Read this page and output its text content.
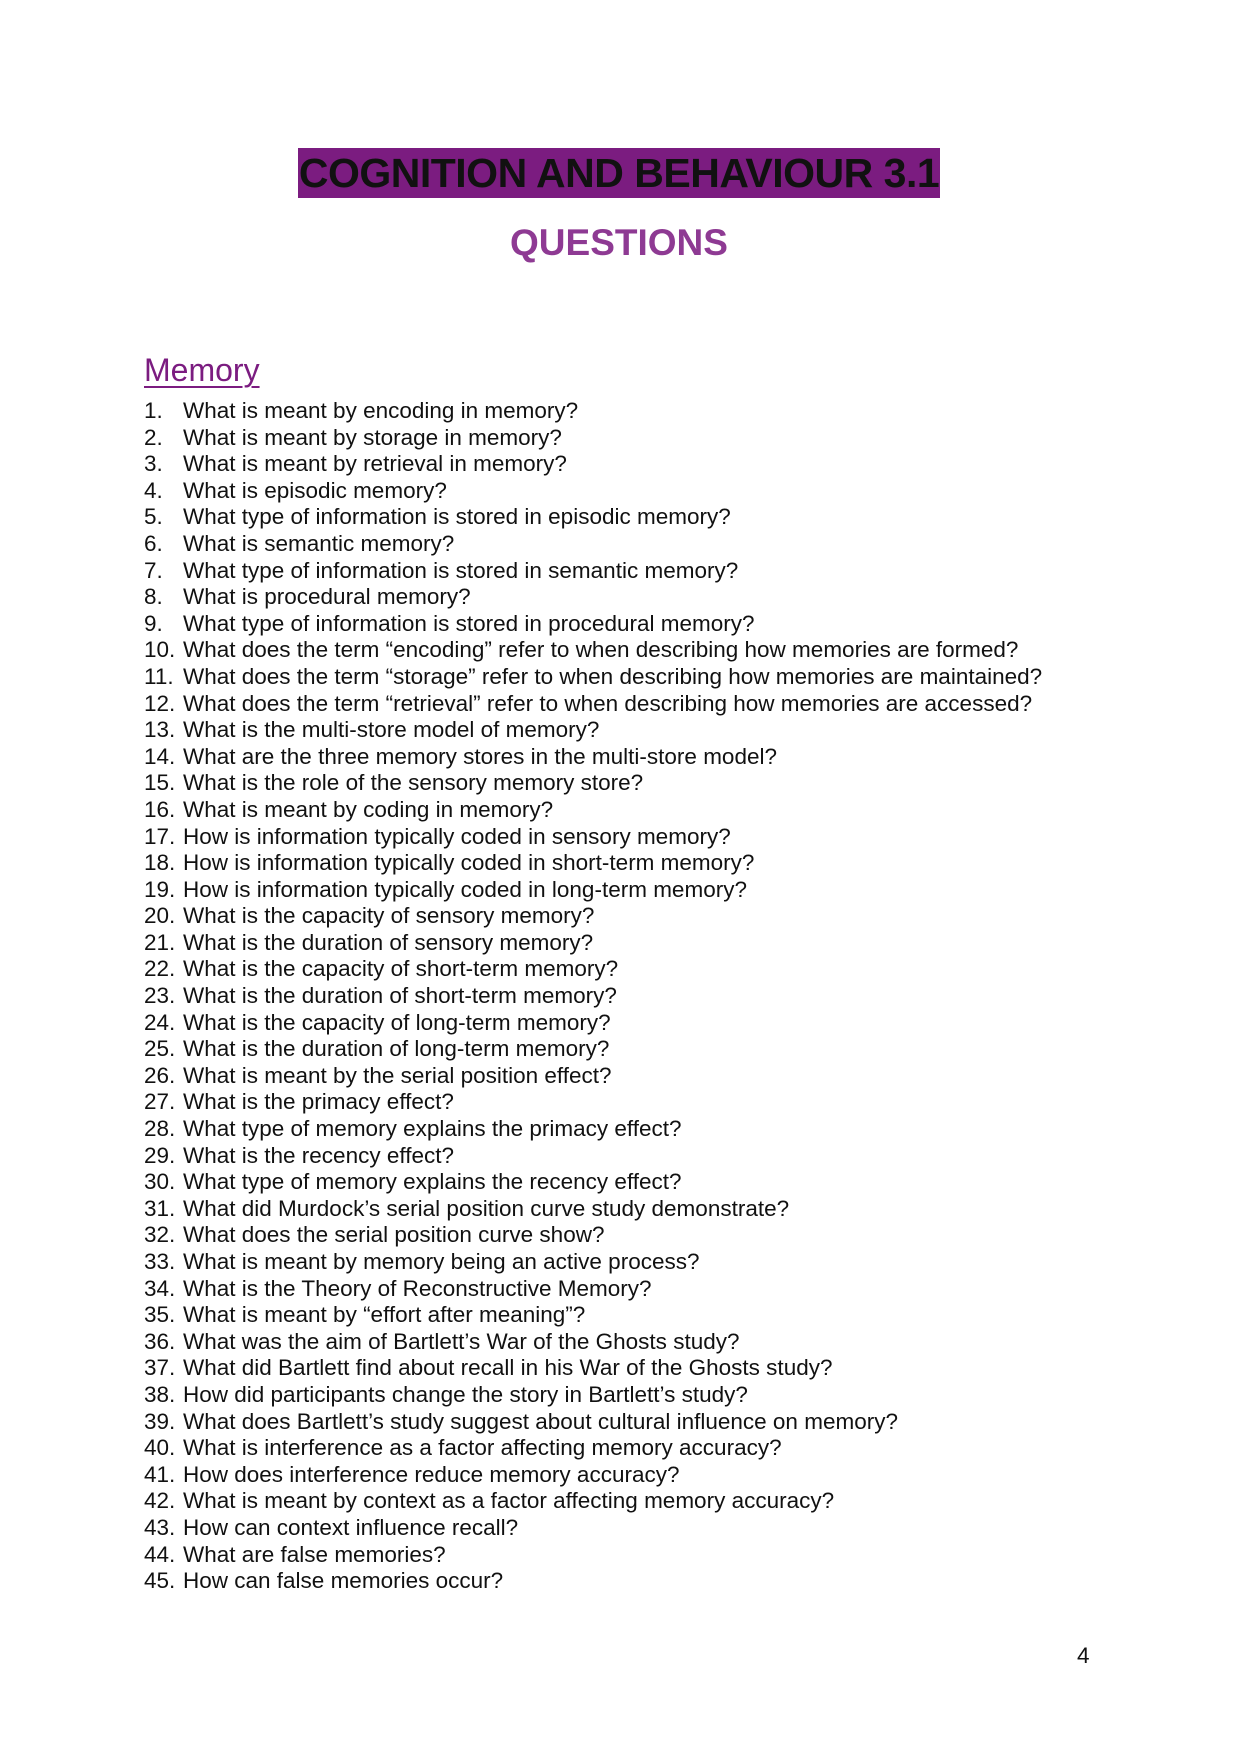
COGNITION AND BEHAVIOUR 3.1
QUESTIONS
Memory
1. What is meant by encoding in memory?
2. What is meant by storage in memory?
3. What is meant by retrieval in memory?
4. What is episodic memory?
5. What type of information is stored in episodic memory?
6. What is semantic memory?
7. What type of information is stored in semantic memory?
8. What is procedural memory?
9. What type of information is stored in procedural memory?
10. What does the term “encoding” refer to when describing how memories are formed?
11. What does the term “storage” refer to when describing how memories are maintained?
12. What does the term “retrieval” refer to when describing how memories are accessed?
13. What is the multi-store model of memory?
14. What are the three memory stores in the multi-store model?
15. What is the role of the sensory memory store?
16. What is meant by coding in memory?
17. How is information typically coded in sensory memory?
18. How is information typically coded in short-term memory?
19. How is information typically coded in long-term memory?
20. What is the capacity of sensory memory?
21. What is the duration of sensory memory?
22. What is the capacity of short-term memory?
23. What is the duration of short-term memory?
24. What is the capacity of long-term memory?
25. What is the duration of long-term memory?
26. What is meant by the serial position effect?
27. What is the primacy effect?
28. What type of memory explains the primacy effect?
29. What is the recency effect?
30. What type of memory explains the recency effect?
31. What did Murdock’s serial position curve study demonstrate?
32. What does the serial position curve show?
33. What is meant by memory being an active process?
34. What is the Theory of Reconstructive Memory?
35. What is meant by “effort after meaning”?
36. What was the aim of Bartlett’s War of the Ghosts study?
37. What did Bartlett find about recall in his War of the Ghosts study?
38. How did participants change the story in Bartlett’s study?
39. What does Bartlett’s study suggest about cultural influence on memory?
40. What is interference as a factor affecting memory accuracy?
41. How does interference reduce memory accuracy?
42. What is meant by context as a factor affecting memory accuracy?
43. How can context influence recall?
44. What are false memories?
45. How can false memories occur?
4
